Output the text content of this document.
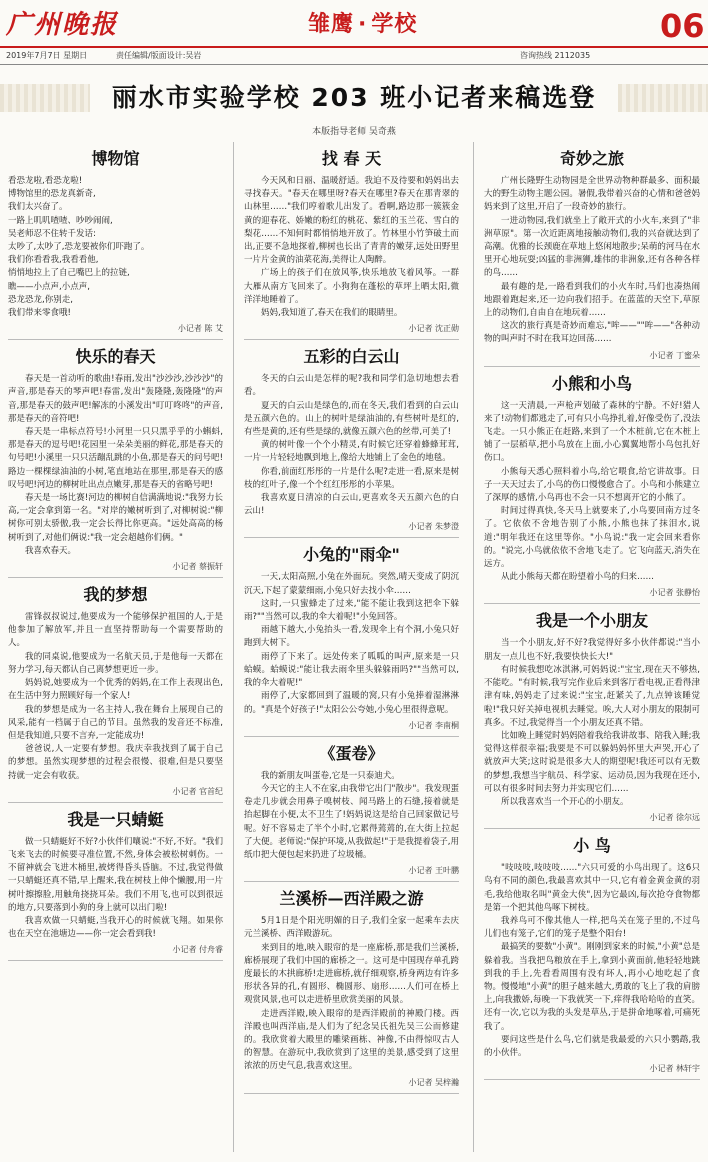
广州晚报	雏鹰 · 学校	06
2019年7月7日 星期日	责任编辑/版面设计:吴岩	咨询热线 2112035
丽水市实验学校 203 班小记者来稿选登
本版指导老师 吴奇燕
博物馆

看恐龙啦,看恐龙啦!

博物馆里的恐龙真新奇,

我们太兴奋了。

一路上叽叽喳喳、吵吵闹闹,

吴老师忍不住转千发话:

太吵了,太吵了,恐龙要被你们吓跑了。

我们你看看我,我看看他,

悄悄地拉上了自己嘴巴上的拉链,

瞧——小点声,小点声,

恐龙恐龙,你别走,

我们带来零食哦!

小记者 陈 艾
快乐的春天

春天是一首动听的歌曲!春雨,发出"沙沙沙,沙沙沙"的声音,那是春天的琴声吧!春雷,发出"轰隆隆,轰隆隆"的声音,那是春天的鼓声吧!解冻的小溪发出"叮叮咚咚"的声音,那是春天的音符吧!

春天是一串标点符号!小河里一只只黑乎乎的小蝌蚪,那是春天的逗号吧!花园里一朵朵美丽的鲜花,那是春天的句号吧!小溪里一只只活蹦乱跳的小鱼,那是春天的问号吧!路边一棵棵绿油油的小树,笔直地站在那里,那是春天的感叹号吧!河边的柳树吐出点点嫩芽,那是春天的省略号吧!

春天是一场比赛!河边的柳树自信满满地说:"我努力长高,一定会拿到第一名。"对岸的嫩树听到了,对柳树说:"柳树你可别太骄傲,我一定会长得比你更高。"远处高高的杨树听到了,对他们俩说:"我一定会超越你们俩。"

我喜欢春天。

小记者 蔡振轩
我的梦想

雷锋叔叔说过,他要成为一个能够保护祖国的人,于是他参加了解放军,并且一直坚持帮助每一个需要帮助的人。

我的同桌说,他要成为一名航天员,于是他每一天都在努力学习,每天都认自己离梦想更近一步。

妈妈说,她要成为一个优秀的妈妈,在工作上表现出色,在生活中努力照顾好每一个家人!

我的梦想是成为一名主持人,我在舞台上展现自己的风采,能有一档属于自己的节目。虽然我的发音还不标准,但是我知道,只要不言弃,一定能成功!

爸爸说,人一定要有梦想。我庆幸我找到了属于自己的梦想。虽然实现梦想的过程会很慢、很难,但是只要坚持就一定会有收获。

小记者 官首纪
我是一只蜻蜓

做一只蜻蜓好不好?小伙伴们嚷说:"不好,不好。"我们飞来飞去的时候要寻准位置,不然,身体会被松树刺伤。一不留神就会飞进木桶里,被烤得昏头昏脑。不过,我觉得做一只蜻蜓还真不错,早上醒来,我在树枝上伸个懒腰,用一片树叶擦擦脸,用触角挠挠耳朵。我们不用飞,也可以到很远的地方,只要落到小狗的身上就可以出门啦!

我喜欢做一只蜻蜓,当我开心的时候就飞翔。如果你也在天空在池塘边——你一定会看到我!

小记者 付舟睿
找 春 天

今天风和日丽、温暖舒适。我迫不及待要和妈妈出去寻找春天。"春天在哪里呀?春天在哪里?春天在那青翠的山林里……"我们哼着歌儿出发了。看啊,路边那一簇簇金黄的迎春花、娇嫩的粉红的桃花、紫红的玉兰花、雪白的梨花……不知何时都悄悄地开放了。竹林里小竹笋破土而出,正要不急地探着,柳树也长出了青青的嫩芽,远处田野里一片片金黄的油菜花海,美得让人陶醉。

广场上的孩子们在放风筝,快乐地放飞着风筝。一群大雁从南方飞回来了。小狗狗在蓬松的草坪上晒太阳,微洋洋地睡着了。

妈妈,我知道了,春天在我们的眼睛里。

小记者 沈正勋
五彩的白云山

冬天的白云山是怎样的呢?我和同学们急切地想去看看。

夏天的白云山是绿色的,而在冬天,我们看到的白云山是五颜六色的。山上的树叶是绿油油的,有些树叶是红的,有些是黄的,还有些是绿的,就像五颜六色的丝带,可美了!

黄的树叶像一个个小精灵,有时候它还穿着蜂蜂茸茸,一片一片轻轻地飘到地上,像给大地铺上了金色的地毯。

你看,前面红彤彤的一片是什么呢?走进一看,原来是树枝的红叶子,像一个个红红彤彤的小苹果。

我喜欢夏日清凉的白云山,更喜欢冬天五颜六色的白云山!

小记者 朱梦澄
小兔的"雨伞"

一天,太阳高照,小兔在外面玩。突然,晴天变成了阴沉沉天,下起了蒙蒙细雨,小兔只好去找小伞……

这时,一只蜜蜂走了过来,"能不能让我到这把伞下躲雨?""当然可以,我的伞大着呢!"小兔回答。

雨越下越大,小兔抬头一看,发现伞上有个洞,小兔只好跑到大树下。

雨停了下来了。远处传来了呱呱的叫声,原来是一只蛤蟆。蛤蟆说:"能让我去雨伞里头躲躲雨吗?""当然可以,我的伞大着呢!"

雨停了,大家都回到了温暖的窝,只有小兔捧着湿淋淋的。"真是个好孩子!"太阳公公夸她,小兔心里很得意呢。

小记者 李南桐
《蛋卷》

我的新朋友叫蛋卷,它是一只泰迪犬。

今天它的主人不在家,由我带它出门"散步"。我发现蛋卷走几步就会用鼻子嗅树枝、闻马路上的石缝,接着就是抬起脚在小便,太不卫生了!妈妈说这是给自己回家做记号呢。好不容易走了半个小时,它累得蔫蔫的,在大街上拉起了大便。老师说:"保护环境,从我做起!"于是我提着袋子,用纸巾把大便包起来扔进了垃圾桶。

小记者 王叶鹏
兰溪桥—西洋殿之游

5月1日是个阳光明媚的日子,我们全家一起乘车去庆元兰溪桥、西洋殿游玩。

来到目的地,映入眼帘的是一座廊桥,那是我们兰溪桥,廊桥展现了我们中国的廊桥之一。这可是中国现存单孔跨度最长的木拱廊桥!走进廊桥,就仔细观察,桥身两边有许多形状各异的孔,有圆形、椭圆形、扇形……人们可在桥上观赏风景,也可以走进桥里欣赏美丽的风景。

走进西洋殿,映入眼帘的是西洋殿前的神殿门楼。西洋殿也叫西洋庙,是人们为了纪念吴氏祖先吴三公而修建的。我欣赏着大殿里的雕梁画栋、神像,不由得惊叹古人的智慧。在游玩中,我欣赏到了这里的美景,感受到了这里浓浓的历史气息,我喜欢这里。

小记者 吴梓瀚
奇妙之旅

广州长隆野生动物园是全世界动物种群最多、面积最大的野生动物主题公园。暑假,我带着兴奋的心情和爸爸妈妈来到了这里,开启了一段奇妙的旅行。

一进动物园,我们就坐上了敞开式的小火车,来到了"非洲草原"。第一次近距离地接触动物们,我的兴奋就达到了高潮。优雅的长颈鹿在草地上悠闲地散步;呆萌的河马在水里开心地玩耍;凶猛的非洲狮,雄伟的非洲象,还有各种各样的鸟……

最有趣的是,一路看到我们的小火车时,马们也凑热闹地跟着跑起来,还一边向我们招手。在蓝蓝的天空下,草原上的动物们,自由自在地玩着……

这次的旅行真是奇妙而难忘,"哞——""哞——"各种动物的叫声时不时在我耳边回荡……

小记者 丁蜜朵
小熊和小鸟

这一天清晨,一声枪声划破了森林的宁静。不好!猎人来了!动物们都逃走了,可有只小鸟挣扎着,好像受伤了,没法飞走。一只小熊正在赶路,来到了一个木桩前,它在木桩上铺了一层稻草,把小鸟放在上面,小心翼翼地帮小鸟包扎好伤口。

小熊每天悉心照料着小鸟,给它喂食,给它讲故事。日子一天天过去了,小鸟的伤口慢慢愈合了。小鸟和小熊建立了深厚的感情,小鸟再也不会一只不想离开它的小熊了。

时间过得真快,冬天马上就要来了,小鸟要回南方过冬了。它依依不舍地告别了小熊,小熊也抹了抹泪水,说道:"明年我还在这里等你。"小鸟说:"我一定会回来看你的。"说完,小鸟就依依不舍地飞走了。它飞向蓝天,消失在远方。

从此小熊每天都在盼望着小鸟的归来……

小记者 张静怡
我是一个小朋友

当一个小朋友,好不好?我觉得好多小伙伴都说:"当小朋友一点儿也不好,我要快快长大!"

有时候我想吃冰淇淋,可妈妈说:"宝宝,现在天不够热,不能吃。"有时候,我写完作业后来到客厅看电视,正看得津津有味,妈妈走了过来说:"宝宝,赶紧关了,九点钟该睡觉啦!"我只好关掉电视机去睡觉。唉,大人对小朋友的限制可真多。不过,我觉得当一个小朋友还真不错。

比如晚上睡觉时妈妈陪着我给我讲故事、陪我入睡;我觉得这样很幸福;我要是不可以躲妈妈怀里大声哭,开心了就放声大笑;这时说是很多大人的期望呢!我还可以有无数的梦想,我想当宇航员、科学家、运动员,因为我现在还小,可以有很多时间去努力并实现它们……

所以我喜欢当一个开心的小朋友。

小记者 徐尔远
小 鸟

"吱吱吱,吱吱吱……"六只可爱的小鸟出现了。这6只鸟有不同的颜色,我最喜欢其中一只,它有着金黄金黄的羽毛,我给他取名叫"黄金大侠",因为它最凶,每次抢夺食物都是第一个把其他鸟啄下树枝。

我养鸟可不像其他人一样,把鸟关在笼子里的,不过鸟儿们也有笼子,它们的笼子是整个阳台!

最搞笑的要数"小黄"。刚刚到家来的时候,"小黄"总是躲着我。当我把鸟粮放在手上,拿到小黄面前,他轻轻地跳到我的手上,先看看周围有没有坏人,再小心地吃起了食物。慢慢地"小黄"的胆子越来越大,勇敢的飞上了我的肩膀上,向我撒娇,每晚一下我就笑一下,痒得我哈哈哈的直笑。还有一次,它以为我的头发是草丛,于是拼命地啄着,可痛死我了。

要问这些是什么鸟,它们就是我最爱的六只小鹦鹉,我的小伙伴。

小记者 林轩宇
